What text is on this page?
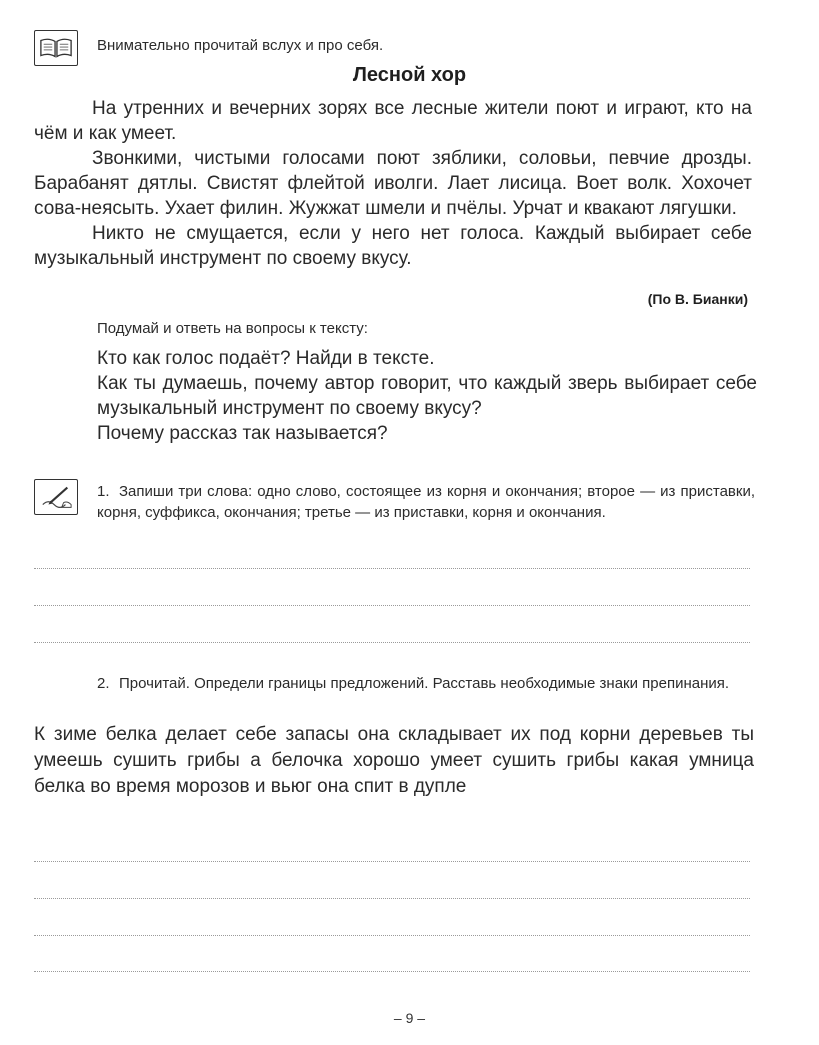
Внимательно прочитай вслух и про себя.
Лесной хор

На утренних и вечерних зорях все лесные жители поют и играют, кто на чём и как умеет.

Звонкими, чистыми голосами поют зяблики, соловьи, певчие дрозды. Барабанят дятлы. Свистят флейтой иволги. Лает лисица. Воет волк. Хохочет сова-неясыть. Ухает филин. Жужжат шмели и пчёлы. Урчат и квакают лягушки.

Никто не смущается, если у него нет голоса. Каждый выбирает себе музыкальный инструмент по своему вкусу.

(По В. Бианки)
Подумай и ответь на вопросы к тексту:
Кто как голос подаёт? Найди в тексте.
Как ты думаешь, почему автор говорит, что каждый зверь выбирает себе музыкальный инструмент по своему вкусу?
Почему рассказ так называется?
1. Запиши три слова: одно слово, состоящее из корня и окончания; второе — из приставки, корня, суффикса, окончания; третье — из приставки, корня и окончания.
2. Прочитай. Определи границы предложений. Расставь необходимые знаки препинания.
К зиме белка делает себе запасы она складывает их под корни деревьев ты умеешь сушить грибы а белочка хорошо умеет сушить грибы какая умница белка во время морозов и вьюг она спит в дупле
– 9 –
